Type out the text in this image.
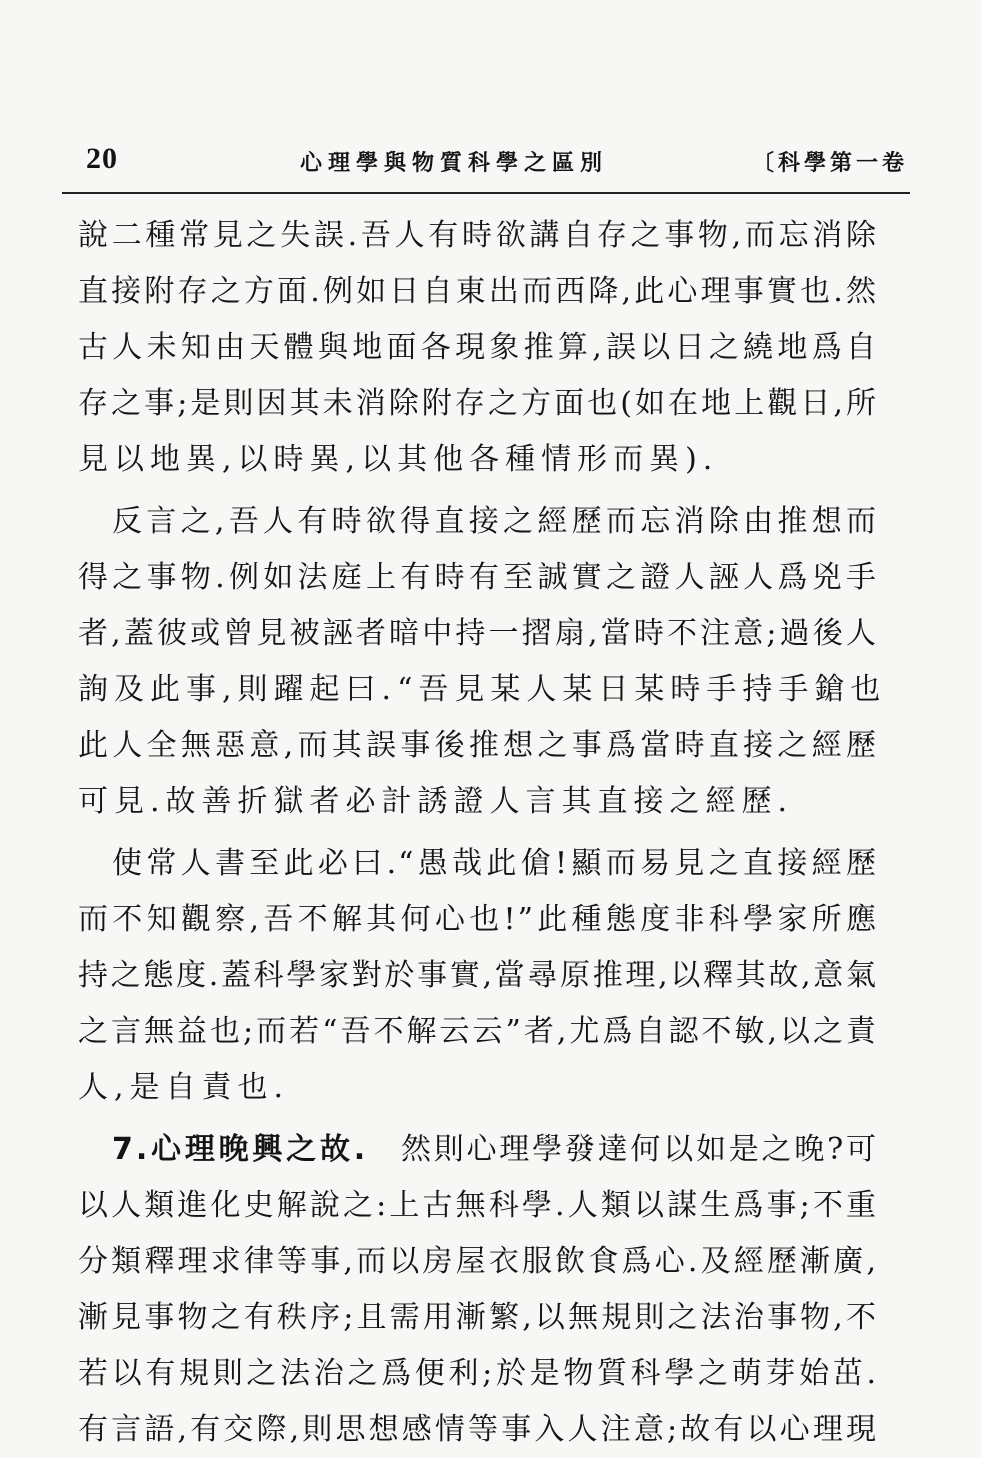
20	心理學與物質科學之區別	〔科學第一卷
說二種常見之失誤.吾人有時欲講自存之事物,而忘消除
直接附存之方面.例如日自東出而西降,此心理事實也.然
古人未知由天體與地面各現象推算,誤以日之繞地爲自
存之事;是則因其未消除附存之方面也(如在地上觀日,所
見以地異,以時異,以其他各種情形而異).
反言之,吾人有時欲得直接之經歷而忘消除由推想而
得之事物.例如法庭上有時有至誠實之證人誣人爲兇手
者,蓋彼或曾見被誣者暗中持一摺扇,當時不注意;過後人
詢及此事,則躍起曰.“吾見某人某日某時手持手鎗也
此人全無惡意,而其誤事後推想之事爲當時直接之經歷
可見.故善折獄者必計誘證人言其直接之經歷.
使常人書至此必曰.“愚哉此傖!顯而易見之直接經歷
而不知觀察,吾不解其何心也!”此種態度非科學家所應
持之態度.蓋科學家對於事實,當尋原推理,以釋其故,意氣
之言無益也;而若“吾不解云云”者,尤爲自認不敏,以之責
人,是自責也.
7.心理晚興之故.  然則心理學發達何以如是之晚?可
以人類進化史解說之:上古無科學.人類以謀生爲事;不重
分類釋理求律等事,而以房屋衣服飲食爲心.及經歷漸廣,
漸見事物之有秩序;且需用漸繁,以無規則之法治事物,不
若以有規則之法治之爲便利;於是物質科學之萌芽始茁.
有言語,有交際,則思想感情等事入人注意;故有以心理現
